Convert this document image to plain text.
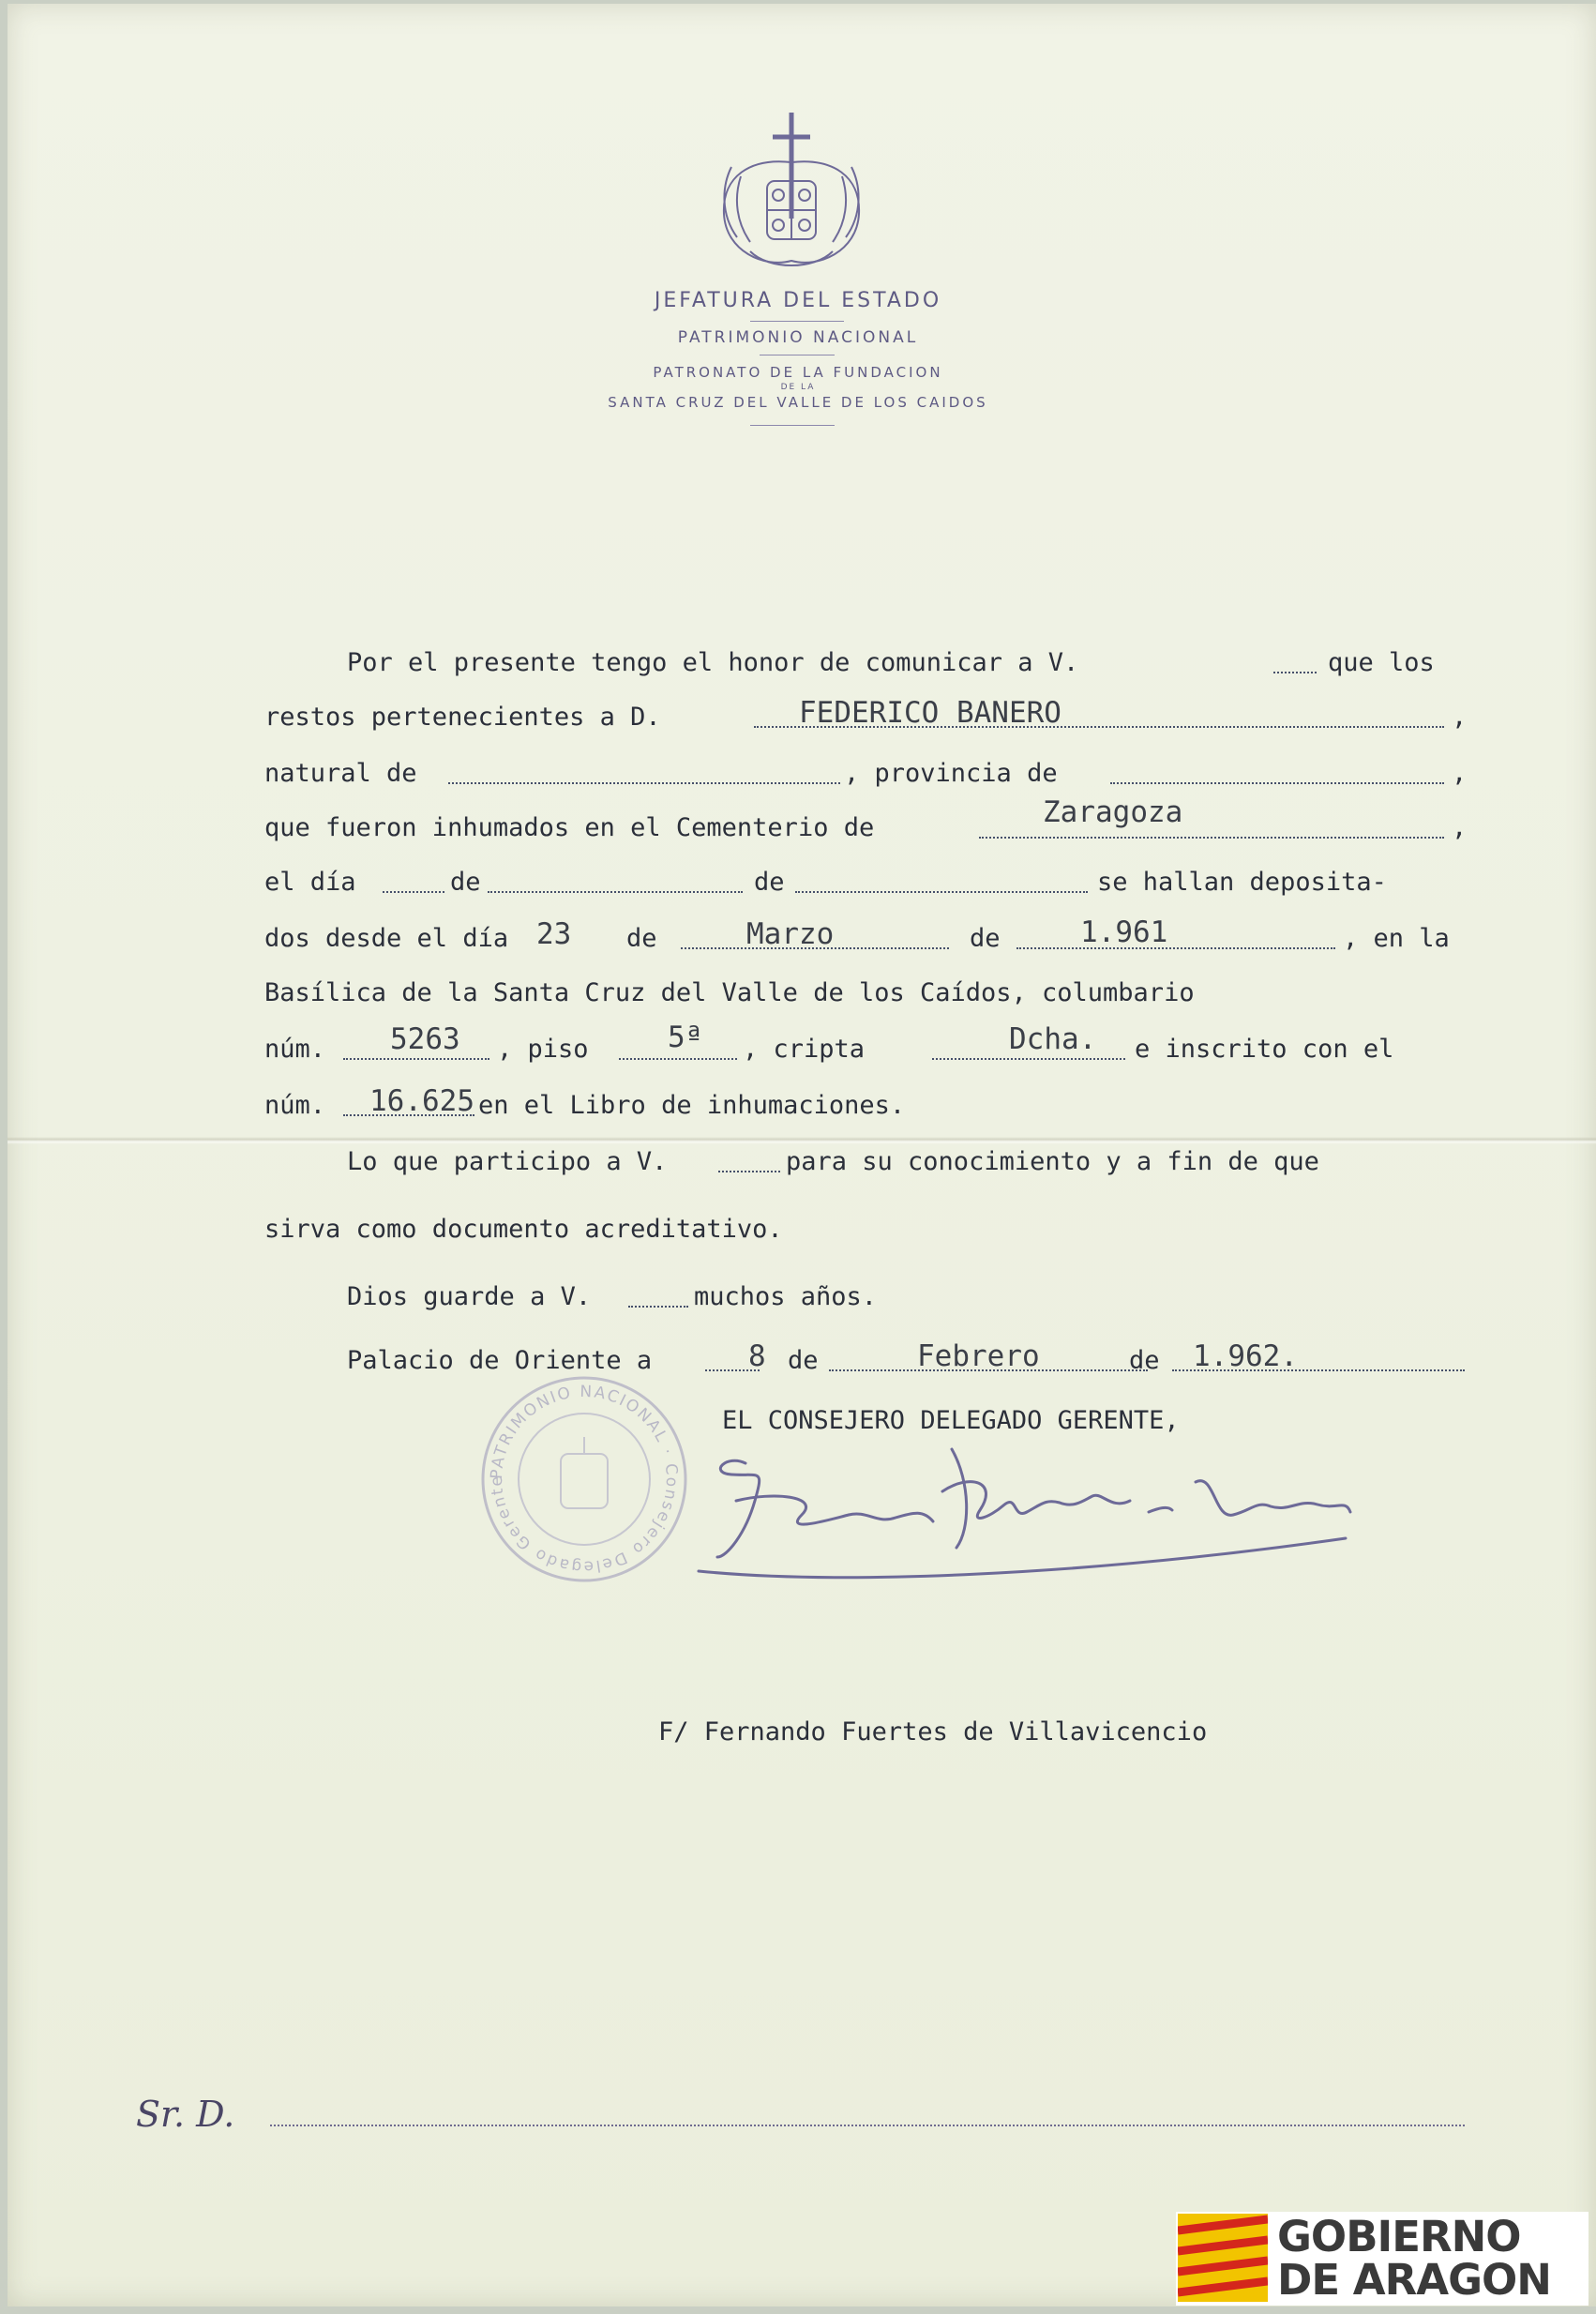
JEFATURA DEL ESTADO
PATRIMONIO NACIONAL
PATRONATO DE LA FUNDACION
DE LA
SANTA CRUZ DEL VALLE DE LOS CAIDOS
Por el presente tengo el honor de comunicar a V.	que los
restos pertenecientes a D.	FEDERICO BANERO	,
natural de	, provincia de	,
que fueron inhumados en el Cementerio de	Zaragoza	,
el día	de	de	se hallan deposita-
dos desde el día 23 de	Marzo	de	1.961	, en la
Basílica de la Santa Cruz del Valle de los Caídos, columbario
núm. 5263 , piso	5ª , cripta	Dcha. e inscrito con el
núm. 16.625 en el Libro de inhumaciones.
Lo que participo a V.	para su conocimiento y a fin de que
sirva como documento acreditativo.
Dios guarde a V.	muchos años.
Palacio de Oriente a	8 de	Febrero	de 1.962.
EL CONSEJERO DELEGADO GERENTE,
PATRIMONIO NACIONAL · Consejero Delegado Gerente
F/ Fernando Fuertes de Villavicencio
Sr. D.
GOBIERNO
DE ARAGON
